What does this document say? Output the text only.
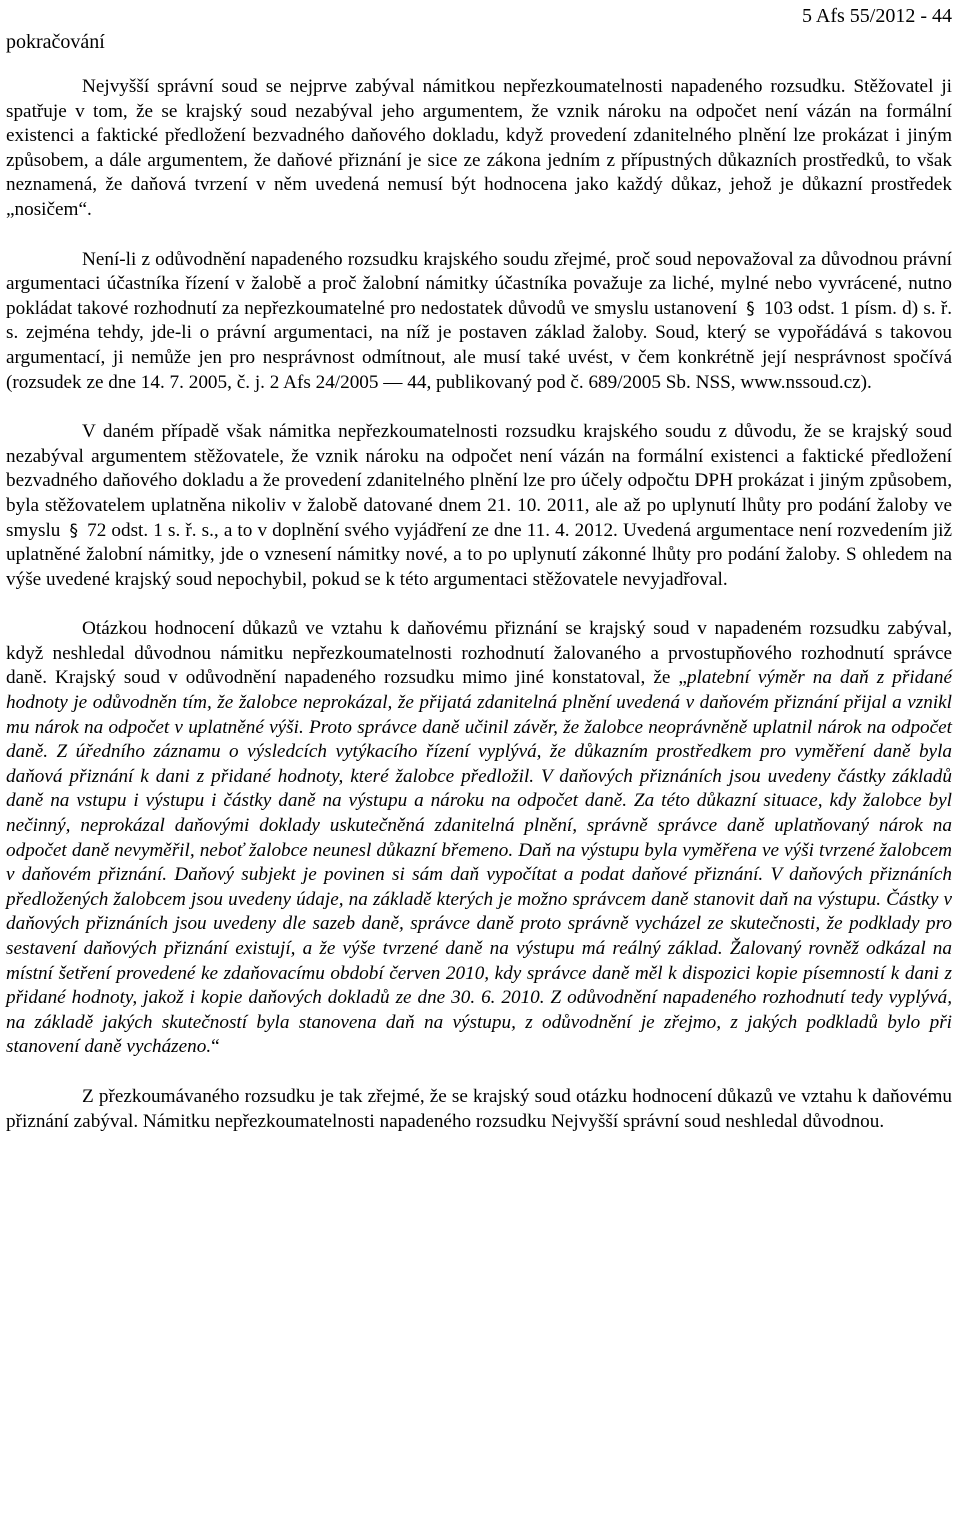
pokračování
5 Afs 55/2012 - 44

Nejvyšší správní soud se nejprve zabýval námitkou nepřezkoumatelnosti napadeného rozsudku. Stěžovatel ji spatřuje v tom, že se krajský soud nezabýval jeho argumentem, že vznik nároku na odpočet není vázán na formální existenci a faktické předložení bezvadného daňového dokladu, když provedení zdanitelného plnění lze prokázat i jiným způsobem, a dále argumentem, že daňové přiznání je sice ze zákona jedním z přípustných důkazních prostředků, to však neznamená, že daňová tvrzení v něm uvedená nemusí být hodnocena jako každý důkaz, jehož je důkazní prostředek „nosičem“.

Není-li z odůvodnění napadeného rozsudku krajského soudu zřejmé, proč soud nepovažoval za důvodnou právní argumentaci účastníka řízení v žalobě a proč žalobní námitky účastníka považuje za liché, mylné nebo vyvrácené, nutno pokládat takové rozhodnutí za nepřezkoumatelné pro nedostatek důvodů ve smyslu ustanovení § 103 odst. 1 písm. d) s. ř. s. zejména tehdy, jde-li o právní argumentaci, na níž je postaven základ žaloby. Soud, který se vypořádává s takovou argumentací, ji nemůže jen pro nesprávnost odmítnout, ale musí také uvést, v čem konkrétně její nesprávnost spočívá (rozsudek ze dne 14. 7. 2005, č. j. 2 Afs 24/2005 — 44, publikovaný pod č. 689/2005 Sb. NSS, www.nssoud.cz).

V daném případě však námitka nepřezkoumatelnosti rozsudku krajského soudu z důvodu, že se krajský soud nezabýval argumentem stěžovatele, že vznik nároku na odpočet není vázán na formální existenci a faktické předložení bezvadného daňového dokladu a že provedení zdanitelného plnění lze pro účely odpočtu DPH prokázat i jiným způsobem, byla stěžovatelem uplatněna nikoliv v žalobě datované dnem 21. 10. 2011, ale až po uplynutí lhůty pro podání žaloby ve smyslu § 72 odst. 1 s. ř. s., a to v doplnění svého vyjádření ze dne 11. 4. 2012. Uvedená argumentace není rozvedením již uplatněné žalobní námitky, jde o vznesení námitky nové, a to po uplynutí zákonné lhůty pro podání žaloby. S ohledem na výše uvedené krajský soud nepochybil, pokud se k této argumentaci stěžovatele nevyjadřoval.

Otázkou hodnocení důkazů ve vztahu k daňovému přiznání se krajský soud v napadeném rozsudku zabýval, když neshledal důvodnou námitku nepřezkoumatelnosti rozhodnutí žalovaného a prvostupňového rozhodnutí správce daně. Krajský soud v odůvodnění napadeného rozsudku mimo jiné konstatoval, že „platební výměr na daň z přidané hodnoty je odůvodněn tím, že žalobce neprokázal, že přijatá zdanitelná plnění uvedená v daňovém přiznání přijal a vznikl mu nárok na odpočet v uplatněné výši. Proto správce daně učinil závěr, že žalobce neoprávněně uplatnil nárok na odpočet daně. Z úředního záznamu o výsledcích vytýkacího řízení vyplývá, že důkazním prostředkem pro vyměření daně byla daňová přiznání k dani z přidané hodnoty, které žalobce předložil. V daňových přiznáních jsou uvedeny částky základů daně na vstupu i výstupu i částky daně na výstupu a nároku na odpočet daně. Za této důkazní situace, kdy žalobce byl nečinný, neprokázal daňovými doklady uskutečněná zdanitelná plnění, správně správce daně uplatňovaný nárok na odpočet daně nevyměřil, neboť žalobce neunesl důkazní břemeno. Daň na výstupu byla vyměřena ve výši tvrzené žalobcem v daňovém přiznání. Daňový subjekt je povinen si sám daň vypočítat a podat daňové přiznání. V daňových přiznáních předložených žalobcem jsou uvedeny údaje, na základě kterých je možno správcem daně stanovit daň na výstupu. Částky v daňových přiznáních jsou uvedeny dle sazeb daně, správce daně proto správně vycházel ze skutečnosti, že podklady pro sestavení daňových přiznání existují, a že výše tvrzené daně na výstupu má reálný základ. Žalovaný rovněž odkázal na místní šetření provedené ke zdaňovacímu období červen 2010, kdy správce daně měl k dispozici kopie písemností k dani z přidané hodnoty, jakož i kopie daňových dokladů ze dne 30. 6. 2010. Z odůvodnění napadeného rozhodnutí tedy vyplývá, na základě jakých skutečností byla stanovena daň na výstupu, z odůvodnění je zřejmo, z jakých podkladů bylo při stanovení daně vycházeno.“

Z přezkoumávaného rozsudku je tak zřejmé, že se krajský soud otázku hodnocení důkazů ve vztahu k daňovému přiznání zabýval. Námitku nepřezkoumatelnosti napadeného rozsudku Nejvyšší správní soud neshledal důvodnou.
